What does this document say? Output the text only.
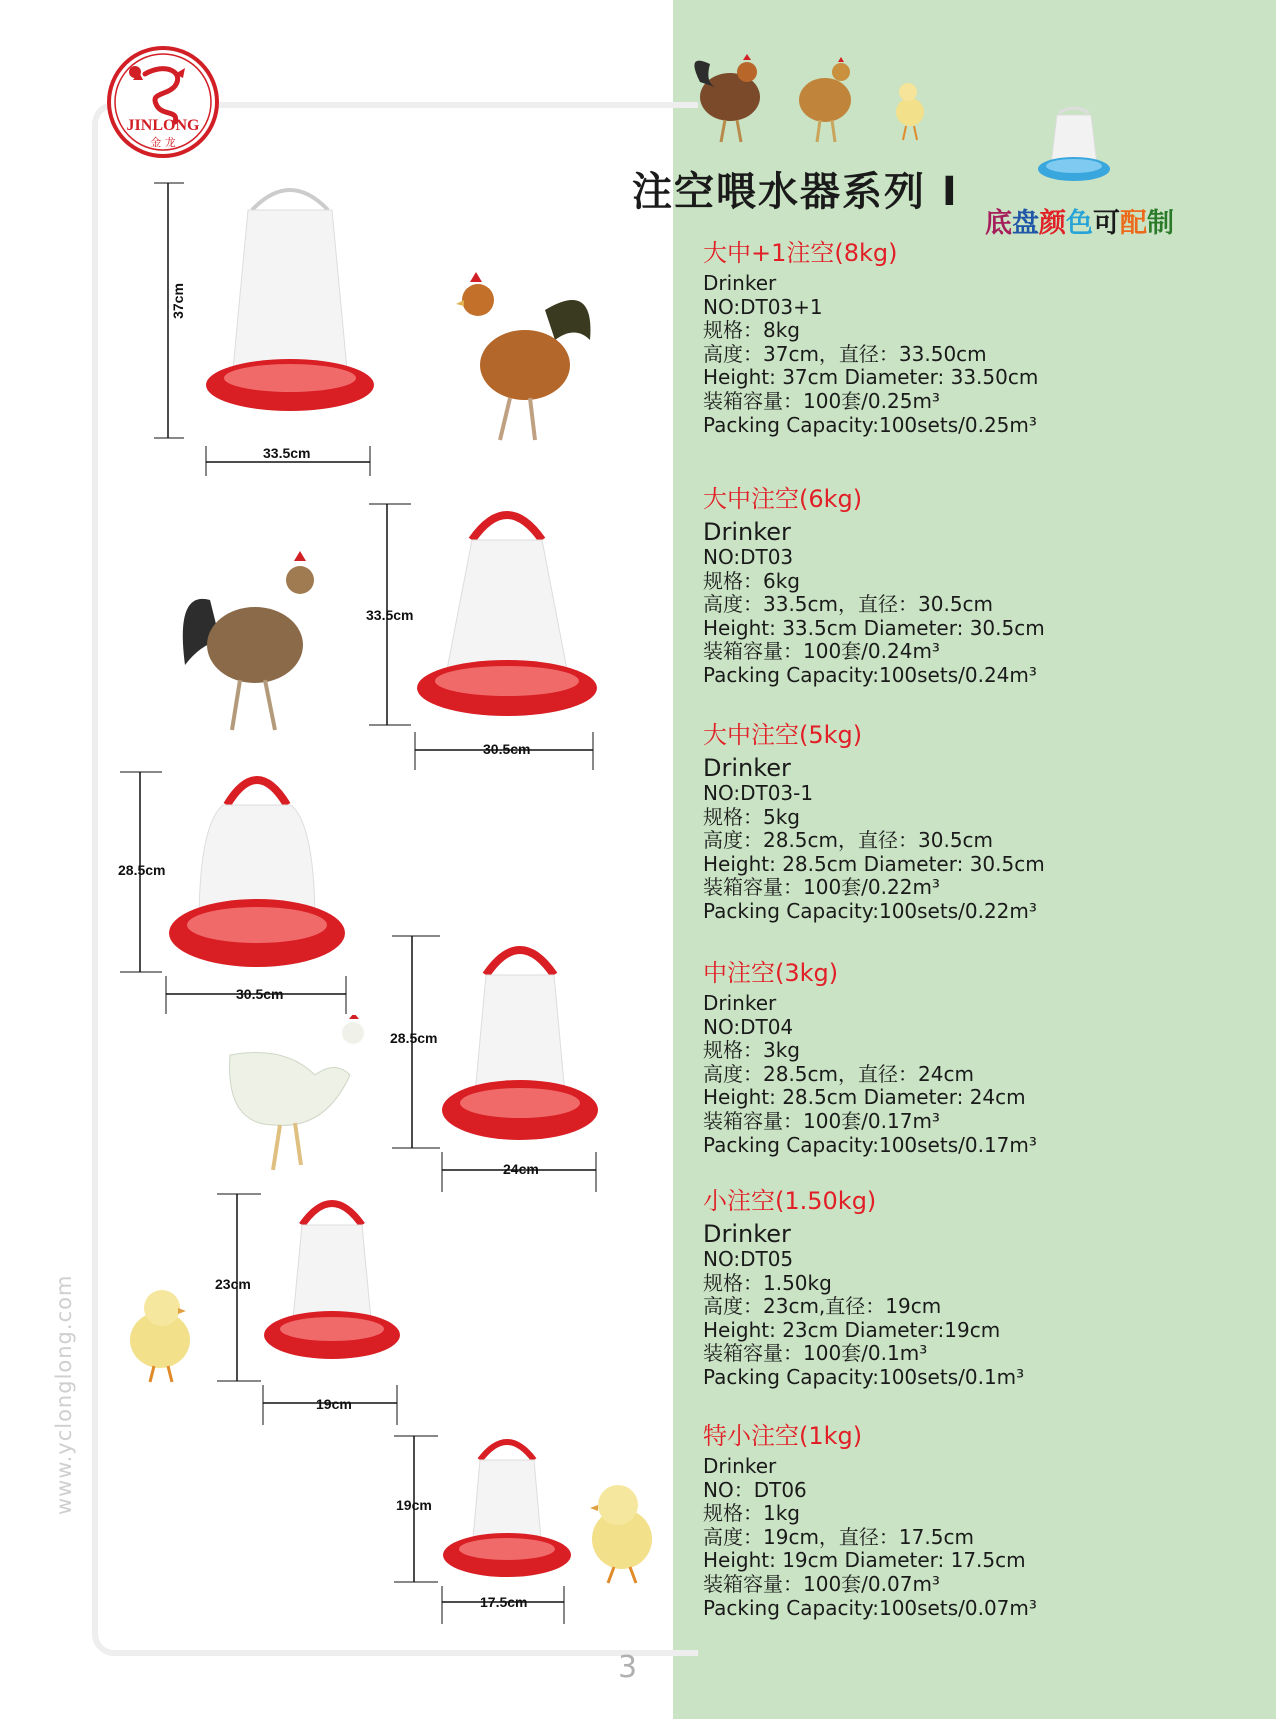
JINLONG
金 龙
www.yclonglong.com
3
注空喂水器系列 I
底盘颜色可配制
37cm
33.5cm
33.5cm
30.5cm
28.5cm
30.5cm
28.5cm
24cm
23cm
19cm
19cm
17.5cm
大中+1注空(8kg)
Drinker
NO:DT03+1
规格：8kg
高度：37cm，直径：33.50cm
Height: 37cm Diameter: 33.50cm
装箱容量：100套/0.25m³
Packing Capacity:100sets/0.25m³
大中注空(6kg)
Drinker
NO:DT03
规格：6kg
高度：33.5cm，直径：30.5cm
Height: 33.5cm Diameter: 30.5cm
装箱容量：100套/0.24m³
Packing Capacity:100sets/0.24m³
大中注空(5kg)
Drinker
NO:DT03-1
规格：5kg
高度：28.5cm，直径：30.5cm
Height: 28.5cm Diameter: 30.5cm
装箱容量：100套/0.22m³
Packing Capacity:100sets/0.22m³
中注空(3kg)
Drinker
NO:DT04
规格：3kg
高度：28.5cm，直径：24cm
Height: 28.5cm Diameter: 24cm
装箱容量：100套/0.17m³
Packing Capacity:100sets/0.17m³
小注空(1.50kg)
Drinker
NO:DT05
规格：1.50kg
高度：23cm,直径：19cm
Height: 23cm Diameter:19cm
装箱容量：100套/0.1m³
Packing Capacity:100sets/0.1m³
特小注空(1kg)
Drinker
NO：DT06
规格：1kg
高度：19cm，直径：17.5cm
Height: 19cm Diameter: 17.5cm
装箱容量：100套/0.07m³
Packing Capacity:100sets/0.07m³
